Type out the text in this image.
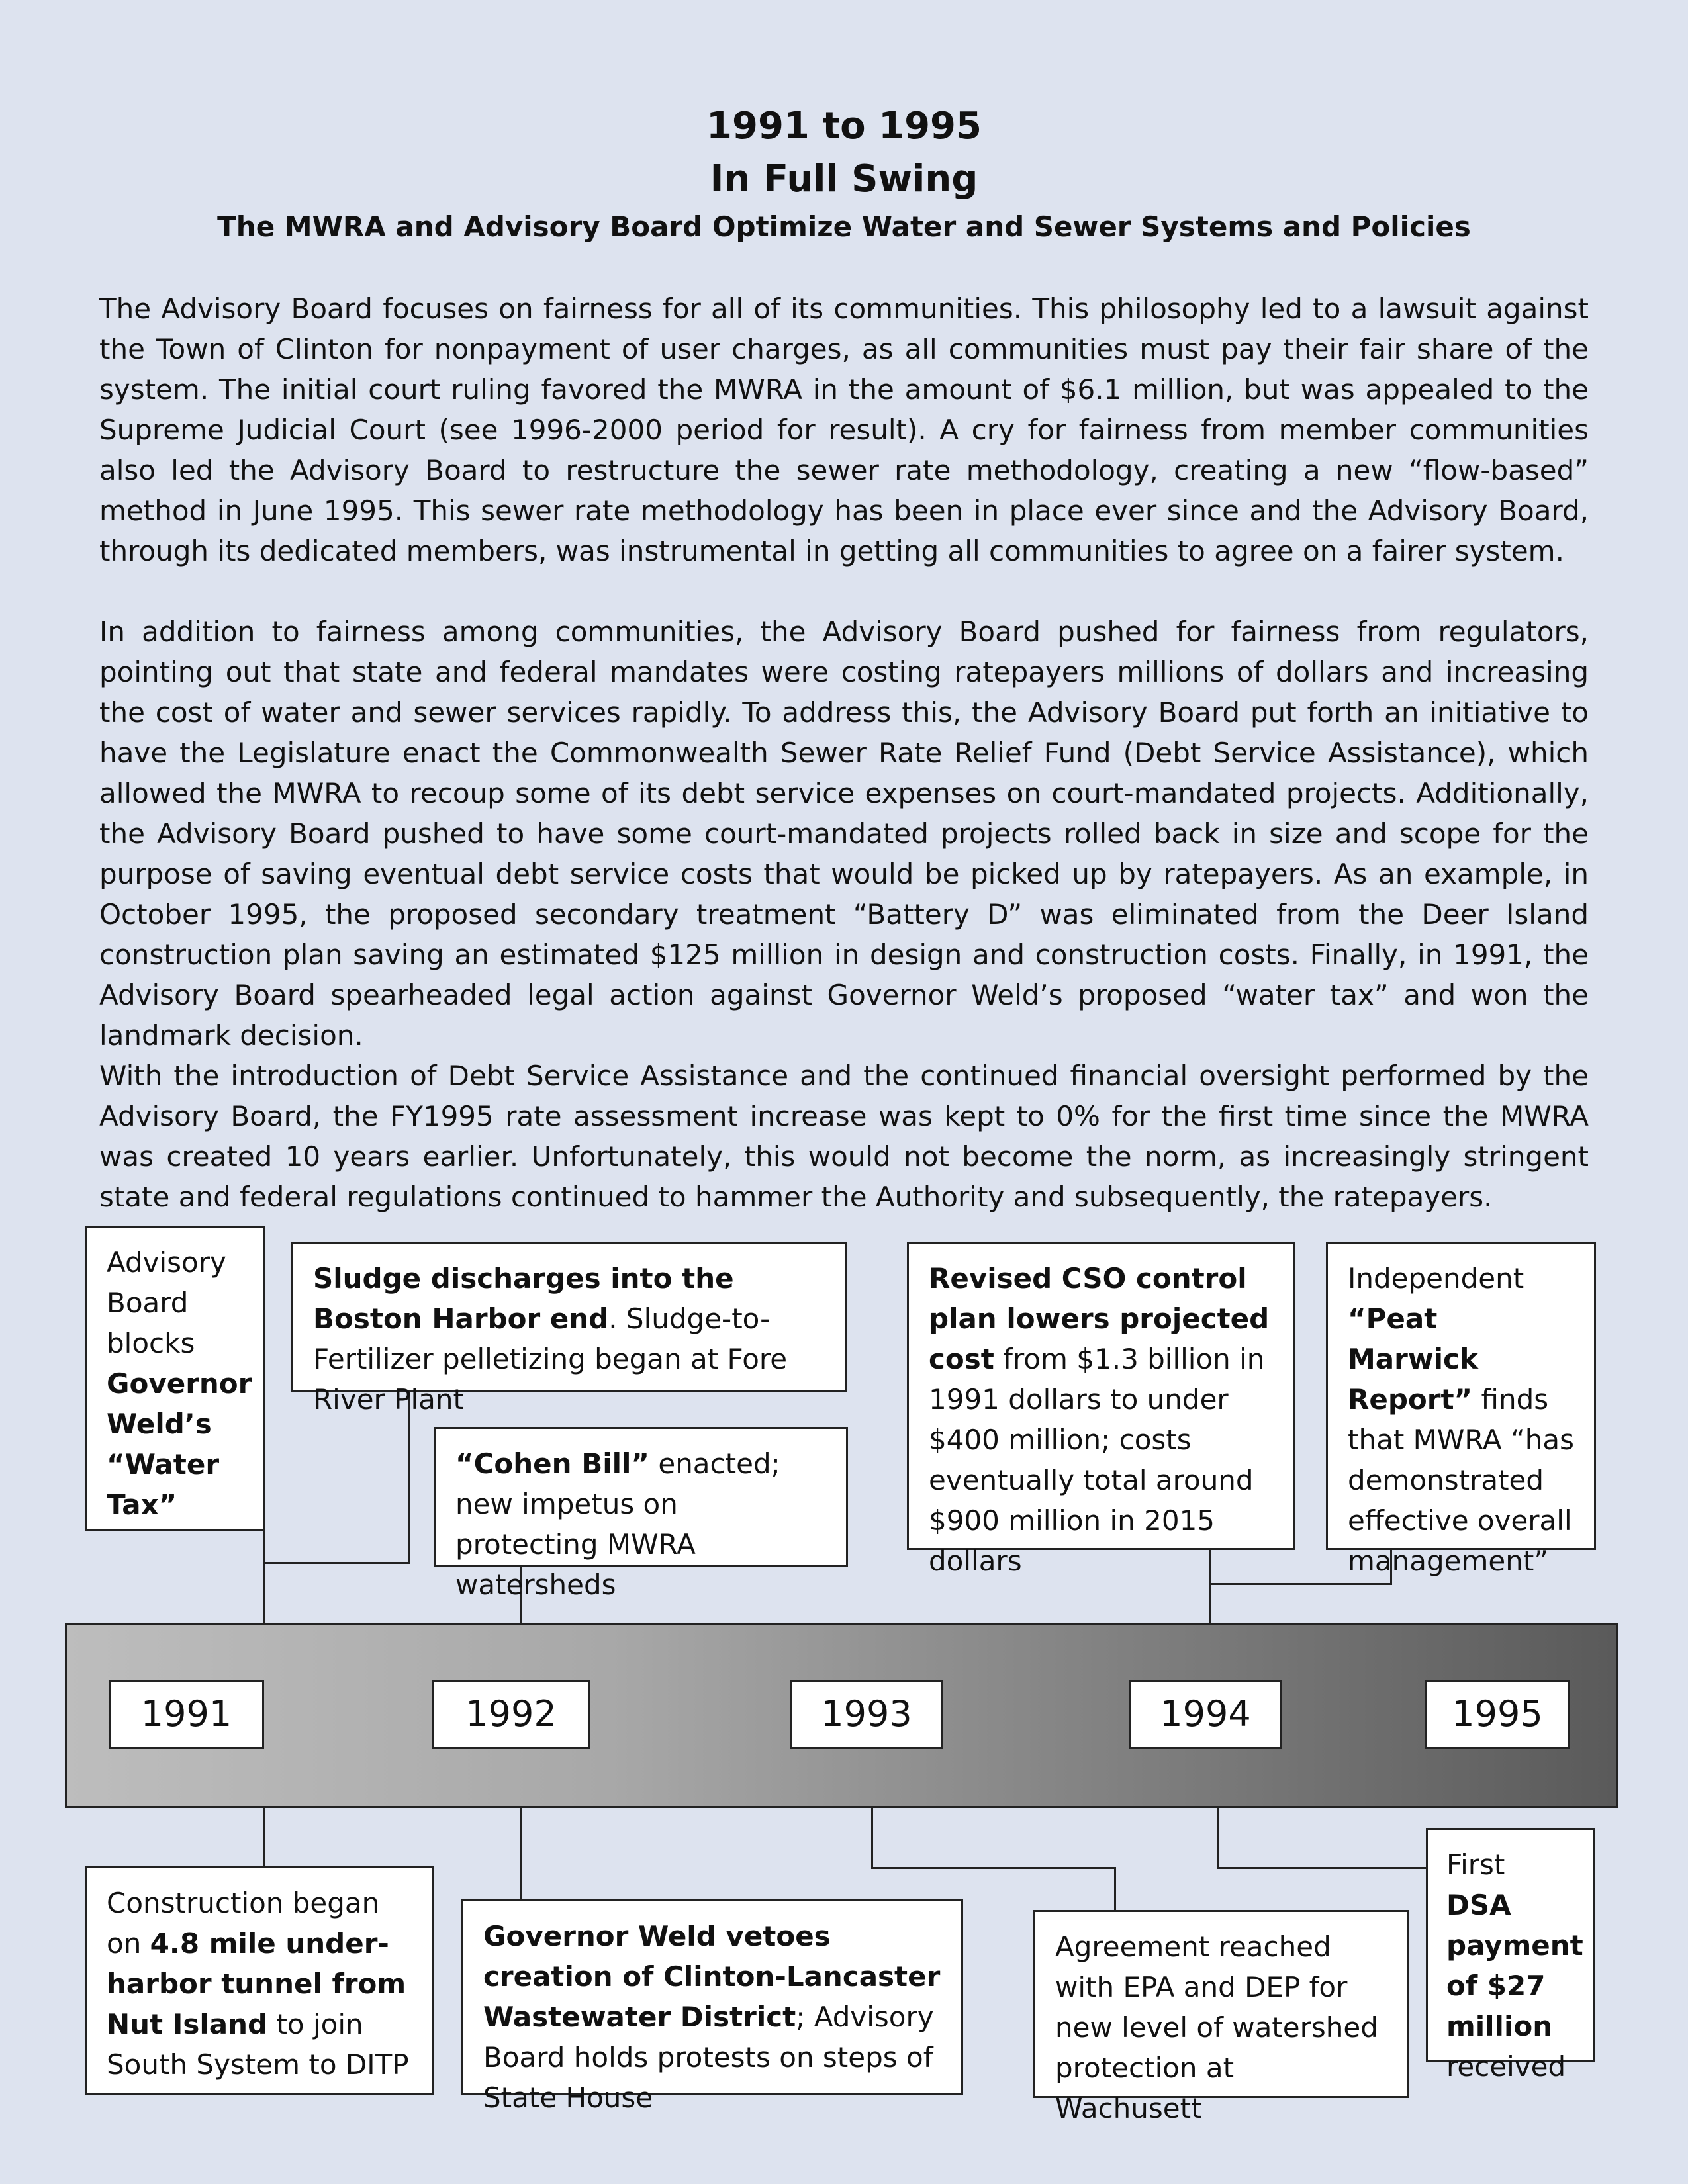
1991 to 1995
In Full Swing
The MWRA and Advisory Board Optimize Water and Sewer Systems and Policies

The Advisory Board focuses on fairness for all of its communities. This philosophy led to a lawsuit against the Town of Clinton for nonpayment of user charges, as all communities must pay their fair share of the system. The initial court ruling favored the MWRA in the amount of $6.1 million, but was appealed to the Supreme Judicial Court (see 1996-2000 period for result). A cry for fairness from member communities also led the Advisory Board to restructure the sewer rate methodology, creating a new “flow-based” method in June 1995. This sewer rate methodology has been in place ever since and the Advisory Board, through its dedicated members, was instrumental in getting all communities to agree on a fairer system.

In addition to fairness among communities, the Advisory Board pushed for fairness from regulators, pointing out that state and federal mandates were costing ratepayers millions of dollars and increasing the cost of water and sewer services rapidly. To address this, the Advisory Board put forth an initiative to have the Legislature enact the Commonwealth Sewer Rate Relief Fund (Debt Service Assistance), which allowed the MWRA to recoup some of its debt service expenses on court-mandated projects. Additionally, the Advisory Board pushed to have some court-mandated projects rolled back in size and scope for the purpose of saving eventual debt service costs that would be picked up by ratepayers. As an example, in October 1995, the proposed secondary treatment “Battery D” was eliminated from the Deer Island construction plan saving an estimated $125 million in design and construction costs. Finally, in 1991, the Advisory Board spearheaded legal action against Governor Weld’s proposed “water tax” and won the landmark decision.

With the introduction of Debt Service Assistance and the continued financial oversight performed by the Advisory Board, the FY1995 rate assessment increase was kept to 0% for the first time since the MWRA was created 10 years earlier. Unfortunately, this would not become the norm, as increasingly stringent state and federal regulations continued to hammer the Authority and subsequently, the ratepayers.

1991	1992	1993	1994	1995
Advisory Board blocks Governor Weld’s “Water Tax”
Sludge discharges into the Boston Harbor end. Sludge-to-Fertilizer pelletizing began at Fore River Plant
“Cohen Bill” enacted; new impetus on protecting MWRA watersheds
Revised CSO control plan lowers projected cost from $1.3 billion in 1991 dollars to under $400 million; costs eventually total around $900 million in 2015 dollars
Independent “Peat Marwick Report” finds that MWRA “has demonstrated effective overall management”
Construction began on 4.8 mile under-harbor tunnel from Nut Island to join South System to DITP
Governor Weld vetoes creation of Clinton-Lancaster Wastewater District; Advisory Board holds protests on steps of State House
Agreement reached with EPA and DEP for new level of watershed protection at Wachusett
First DSA payment of $27 million received
